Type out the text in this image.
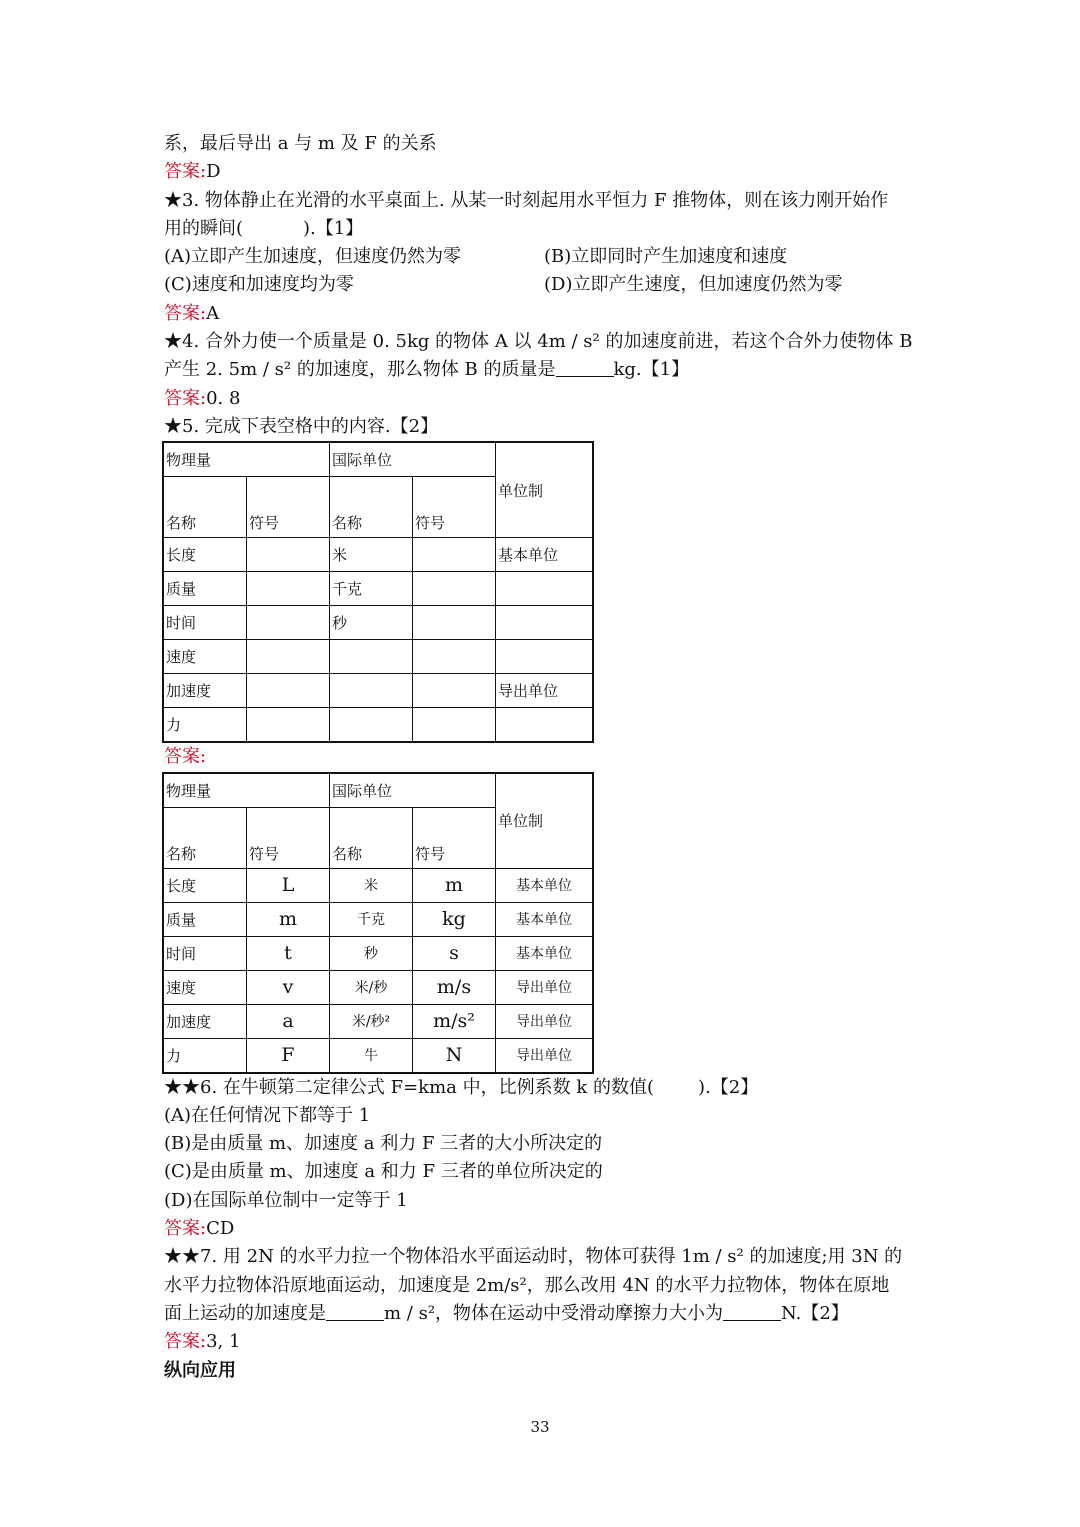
系，最后导出 a 与 m 及 F 的关系
答案:D
★3. 物体静止在光滑的水平桌面上. 从某一时刻起用水平恒力 F 推物体，则在该力刚开始作
用的瞬间(	).【1】
(A)立即产生加速度，但速度仍然为零	(B)立即同时产生加速度和速度
(C)速度和加速度均为零	(D)立即产生速度，但加速度仍然为零
答案:A
★4. 合外力使一个质量是 0. 5kg 的物体 A 以 4m / s² 的加速度前进，若这个合外力使物体 B
产生 2. 5m / s² 的加速度，那么物体 B 的质量是	kg.【1】
答案:0. 8
★5. 完成下表空格中的内容.【2】
物理量		国际单位		单位制
名称	符号	名称	符号	
长度		米		基本单位
质量		千克		
时间		秒		
速度				
加速度				导出单位
力				
答案:
物理量		国际单位		单位制
名称	符号	名称	符号	
长度	L	米	m	基本单位
质量	m	千克	kg	基本单位
时间	t	秒	s	基本单位
速度	v	米/秒	m/s	导出单位
加速度	a	米/秒²	m/s²	导出单位
力	F	牛	N	导出单位
★★6. 在牛顿第二定律公式 F=kma 中，比例系数 k 的数值( ).【2】
(A)在任何情况下都等于 1
(B)是由质量 m、加速度 a 利力 F 三者的大小所决定的
(C)是由质量 m、加速度 a 和力 F 三者的单位所决定的
(D)在国际单位制中一定等于 1
答案:CD
★★7. 用 2N 的水平力拉一个物体沿水平面运动时，物体可获得 1m / s² 的加速度;用 3N 的
水平力拉物体沿原地面运动，加速度是 2m/s²，那么改用 4N 的水平力拉物体，物体在原地
面上运动的加速度是	m / s²，物体在运动中受滑动摩擦力大小为	N.【2】
答案:3, 1
纵向应用
33
